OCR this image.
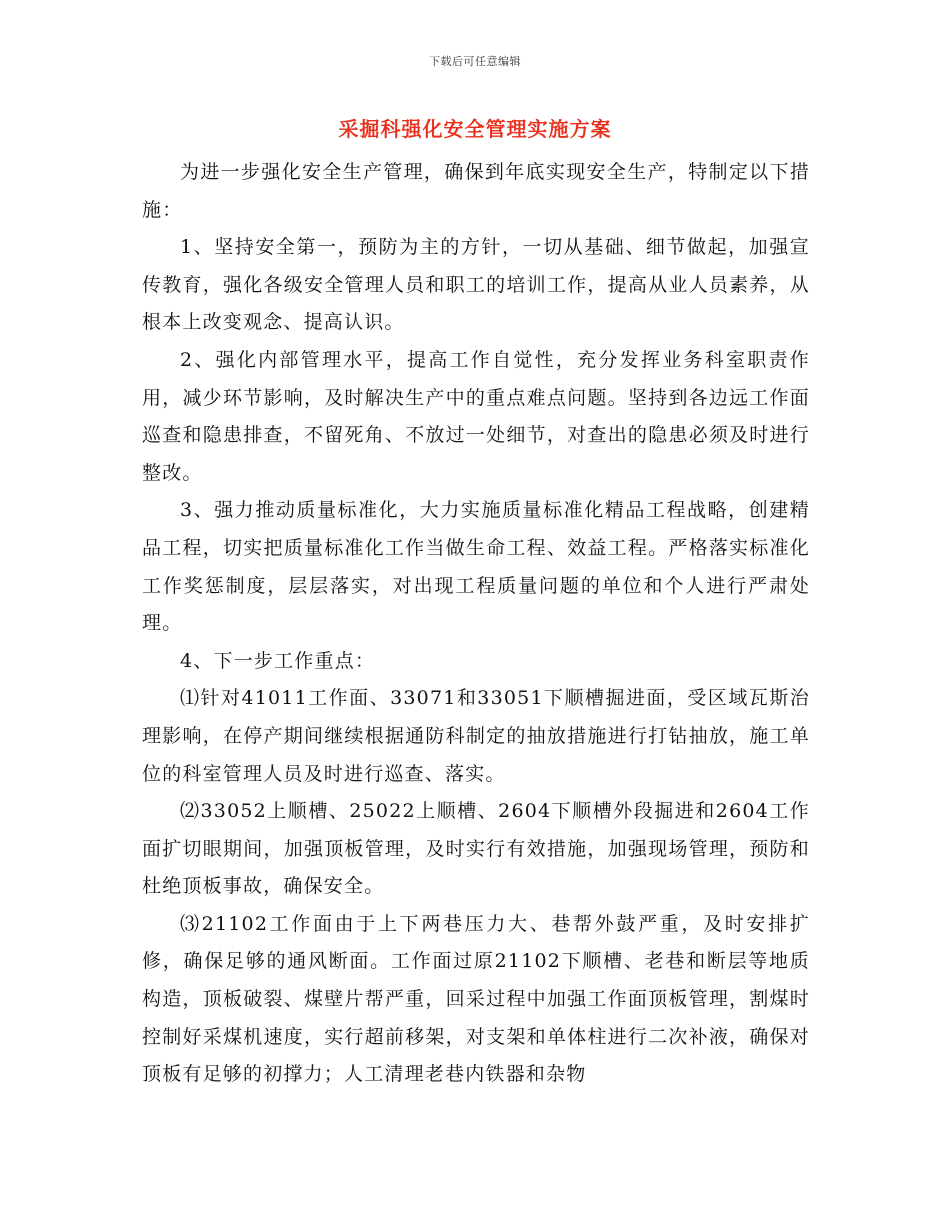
下载后可任意编辑
采掘科强化安全管理实施方案

为进一步强化安全生产管理，确保到年底实现安全生产，特制定以下措施：

1、坚持安全第一，预防为主的方针，一切从基础、细节做起，加强宣传教育，强化各级安全管理人员和职工的培训工作，提高从业人员素养，从根本上改变观念、提高认识。

2、强化内部管理水平，提高工作自觉性，充分发挥业务科室职责作用，减少环节影响，及时解决生产中的重点难点问题。坚持到各边远工作面巡查和隐患排查，不留死角、不放过一处细节，对查出的隐患必须及时进行整改。

3、强力推动质量标准化，大力实施质量标准化精品工程战略，创建精品工程，切实把质量标准化工作当做生命工程、效益工程。严格落实标准化工作奖惩制度，层层落实，对出现工程质量问题的单位和个人进行严肃处理。

4、下一步工作重点：

⑴针对41011工作面、33071和33051下顺槽掘进面，受区域瓦斯治理影响，在停产期间继续根据通防科制定的抽放措施进行打钻抽放，施工单位的科室管理人员及时进行巡查、落实。

⑵33052上顺槽、25022上顺槽、2604下顺槽外段掘进和2604工作面扩切眼期间，加强顶板管理，及时实行有效措施，加强现场管理，预防和杜绝顶板事故，确保安全。

⑶21102工作面由于上下两巷压力大、巷帮外鼓严重，及时安排扩修，确保足够的通风断面。工作面过原21102下顺槽、老巷和断层等地质构造，顶板破裂、煤壁片帮严重，回采过程中加强工作面顶板管理，割煤时控制好采煤机速度，实行超前移架，对支架和单体柱进行二次补液，确保对顶板有足够的初撑力；人工清理老巷内铁器和杂物
